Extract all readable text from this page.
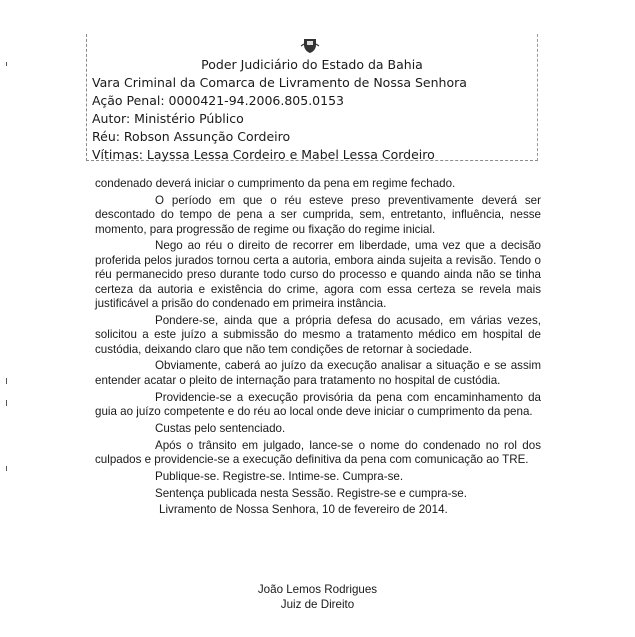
Poder Judiciário do Estado da Bahia
Vara Criminal da Comarca de Livramento de Nossa Senhora
Ação Penal: 0000421-94.2006.805.0153
Autor: Ministério Público
Réu: Robson Assunção Cordeiro
Vítimas: Layssa Lessa Cordeiro e Mabel Lessa Cordeiro

condenado deverá iniciar o cumprimento da pena em regime fechado.

O período em que o réu esteve preso preventivamente deverá ser descontado do tempo de pena a ser cumprida, sem, entretanto, influência, nesse momento, para progressão de regime ou fixação do regime inicial.

Nego ao réu o direito de recorrer em liberdade, uma vez que a decisão proferida pelos jurados tornou certa a autoria, embora ainda sujeita a revisão. Tendo o réu permanecido preso durante todo curso do processo e quando ainda não se tinha certeza da autoria e existência do crime, agora com essa certeza se revela mais justificável a prisão do condenado em primeira instância.

Pondere-se, ainda que a própria defesa do acusado, em várias vezes, solicitou a este juízo a submissão do mesmo a tratamento médico em hospital de custódia, deixando claro que não tem condições de retornar à sociedade.

Obviamente, caberá ao juízo da execução analisar a situação e se assim entender acatar o pleito de internação para tratamento no hospital de custódia.

Providencie-se a execução provisória da pena com encaminhamento da guia ao juízo competente e do réu ao local onde deve iniciar o cumprimento da pena.

Custas pelo sentenciado.

Após o trânsito em julgado, lance-se o nome do condenado no rol dos culpados e providencie-se a execução definitiva da pena com comunicação ao TRE.

Publique-se. Registre-se. Intime-se. Cumpra-se.

Sentença publicada nesta Sessão. Registre-se e cumpra-se.

Livramento de Nossa Senhora, 10 de fevereiro de 2014.

João Lemos Rodrigues
Juiz de Direito
